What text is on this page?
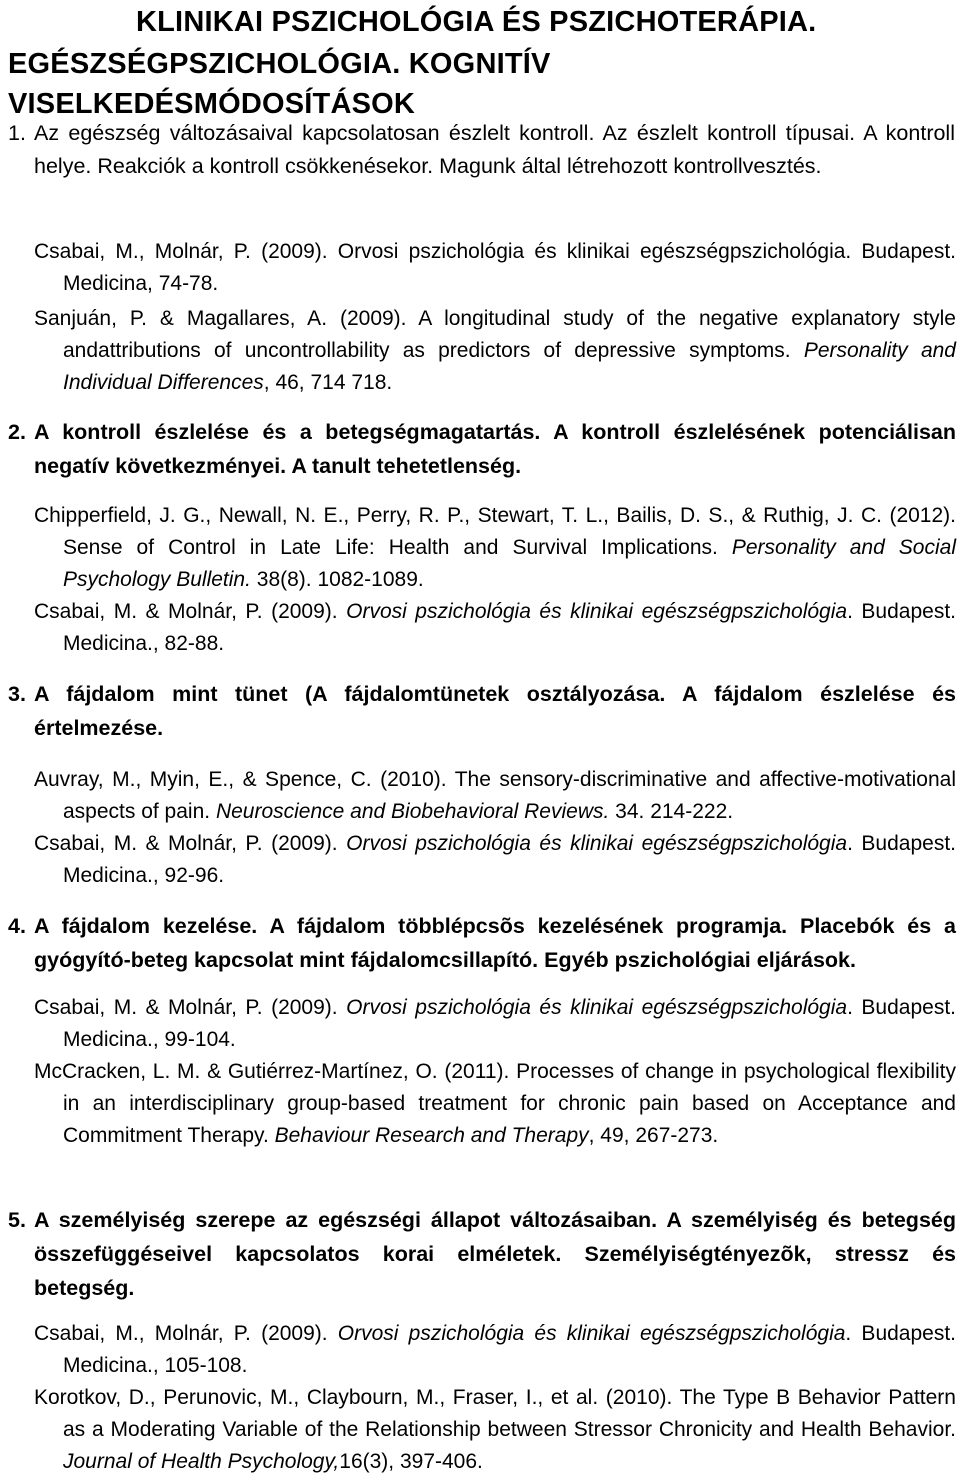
KLINIKAI PSZICHOLÓGIA ÉS PSZICHOTERÁPIA.
EGÉSZSÉGPSZICHOLÓGIA. KOGNITÍV VISELKEDÉSMÓDOSÍTÁSOK
1. Az egészség változásaival kapcsolatosan észlelt kontroll. Az észlelt kontroll típusai. A kontroll helye. Reakciók a kontroll csökkenésekor. Magunk által létrehozott kontrollvesztés.
Csabai, M., Molnár, P. (2009). Orvosi pszichológia és klinikai egészségpszichológia. Budapest. Medicina, 74-78.
Sanjuán, P. & Magallares, A. (2009). A longitudinal study of the negative explanatory style andattributions of uncontrollability as predictors of depressive symptoms. Personality and Individual Differences, 46, 714 718.
2. A kontroll észlelése és a betegségmagatartás. A kontroll észlelésének potenciálisan negatív következményei. A tanult tehetetlenség.
Chipperfield, J. G., Newall, N. E., Perry, R. P., Stewart, T. L., Bailis, D. S., & Ruthig, J. C. (2012). Sense of Control in Late Life: Health and Survival Implications. Personality and Social Psychology Bulletin. 38(8). 1082-1089.
Csabai, M. & Molnár, P. (2009). Orvosi pszichológia és klinikai egészségpszichológia. Budapest. Medicina., 82-88.
3. A fájdalom mint tünet (A fájdalomtünetek osztályozása. A fájdalom észlelése és értelmezése.
Auvray, M., Myin, E., & Spence, C. (2010). The sensory-discriminative and affective-motivational aspects of pain. Neuroscience and Biobehavioral Reviews. 34. 214-222.
Csabai, M. & Molnár, P. (2009). Orvosi pszichológia és klinikai egészségpszichológia. Budapest. Medicina., 92-96.
4. A fájdalom kezelése. A fájdalom többlépcsõs kezelésének programja. Placebók és a gyógyító-beteg kapcsolat mint fájdalomcsillapító. Egyéb pszichológiai eljárások.
Csabai, M. & Molnár, P. (2009). Orvosi pszichológia és klinikai egészségpszichológia. Budapest. Medicina., 99-104.
McCracken, L. M. & Gutiérrez-Martínez, O. (2011). Processes of change in psychological flexibility in an interdisciplinary group-based treatment for chronic pain based on Acceptance and Commitment Therapy. Behaviour Research and Therapy, 49, 267-273.
5. A személyiség szerepe az egészségi állapot változásaiban. A személyiség és betegség összefüggéseivel kapcsolatos korai elméletek. Személyiségtényezõk, stressz és betegség.
Csabai, M., Molnár, P. (2009). Orvosi pszichológia és klinikai egészségpszichológia. Budapest. Medicina., 105-108.
Korotkov, D., Perunovic, M., Claybourn, M., Fraser, I., et al. (2010). The Type B Behavior Pattern as a Moderating Variable of the Relationship between Stressor Chronicity and Health Behavior. Journal of Health Psychology,16(3), 397-406.
